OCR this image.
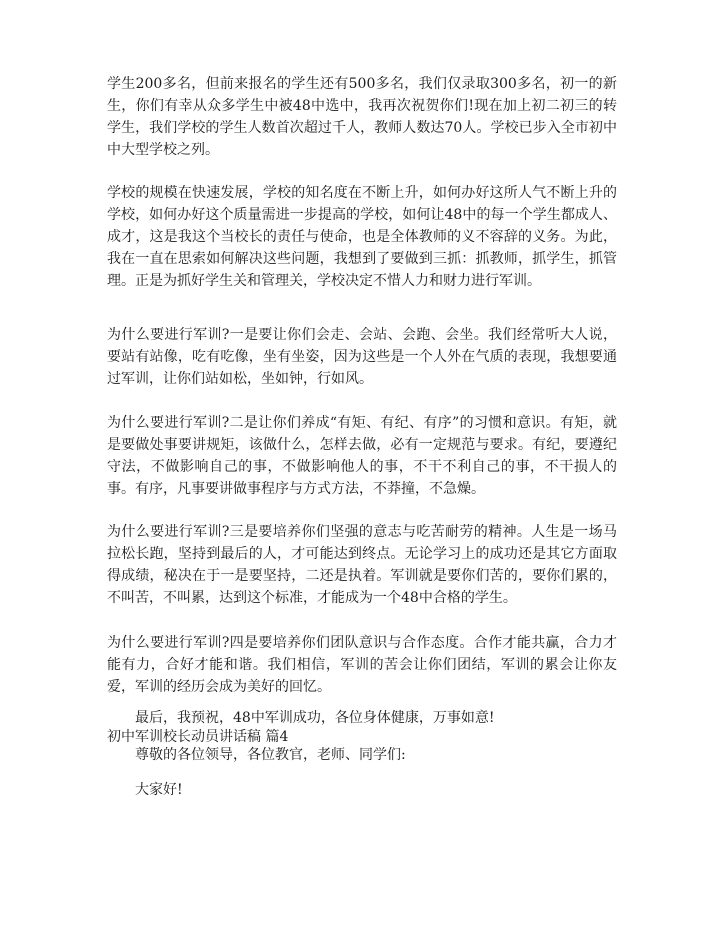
学生200多名，但前来报名的学生还有500多名，我们仅录取300多名，初一的新生，你们有幸从众多学生中被48中选中，我再次祝贺你们!现在加上初二初三的转学生，我们学校的学生人数首次超过千人，教师人数达70人。学校已步入全市初中中大型学校之列。

学校的规模在快速发展，学校的知名度在不断上升，如何办好这所人气不断上升的学校，如何办好这个质量需进一步提高的学校，如何让48中的每一个学生都成人、成才，这是我这个当校长的责任与使命，也是全体教师的义不容辞的义务。为此，我在一直在思索如何解决这些问题，我想到了要做到三抓：抓教师，抓学生，抓管理。正是为抓好学生关和管理关，学校决定不惜人力和财力进行军训。

为什么要进行军训?一是要让你们会走、会站、会跑、会坐。我们经常听大人说，要站有站像，吃有吃像，坐有坐姿，因为这些是一个人外在气质的表现，我想要通过军训，让你们站如松，坐如钟，行如风。

为什么要进行军训?二是让你们养成“有矩、有纪、有序”的习惯和意识。有矩，就是要做处事要讲规矩，该做什么，怎样去做，必有一定规范与要求。有纪，要遵纪守法，不做影响自己的事，不做影响他人的事，不干不利自己的事，不干损人的事。有序，凡事要讲做事程序与方式方法，不莽撞，不急燥。

为什么要进行军训?三是要培养你们坚强的意志与吃苦耐劳的精神。人生是一场马拉松长跑，坚持到最后的人，才可能达到终点。无论学习上的成功还是其它方面取得成绩，秘决在于一是要坚持，二还是执着。军训就是要你们苦的，要你们累的，不叫苦，不叫累，达到这个标准，才能成为一个48中合格的学生。

为什么要进行军训?四是要培养你们团队意识与合作态度。合作才能共赢，合力才能有力，合好才能和谐。我们相信，军训的苦会让你们团结，军训的累会让你友爱，军训的经历会成为美好的回忆。

最后，我预祝，48中军训成功，各位身体健康，万事如意!

初中军训校长动员讲话稿 篇4

尊敬的各位领导，各位教官，老师、同学们:

大家好!
